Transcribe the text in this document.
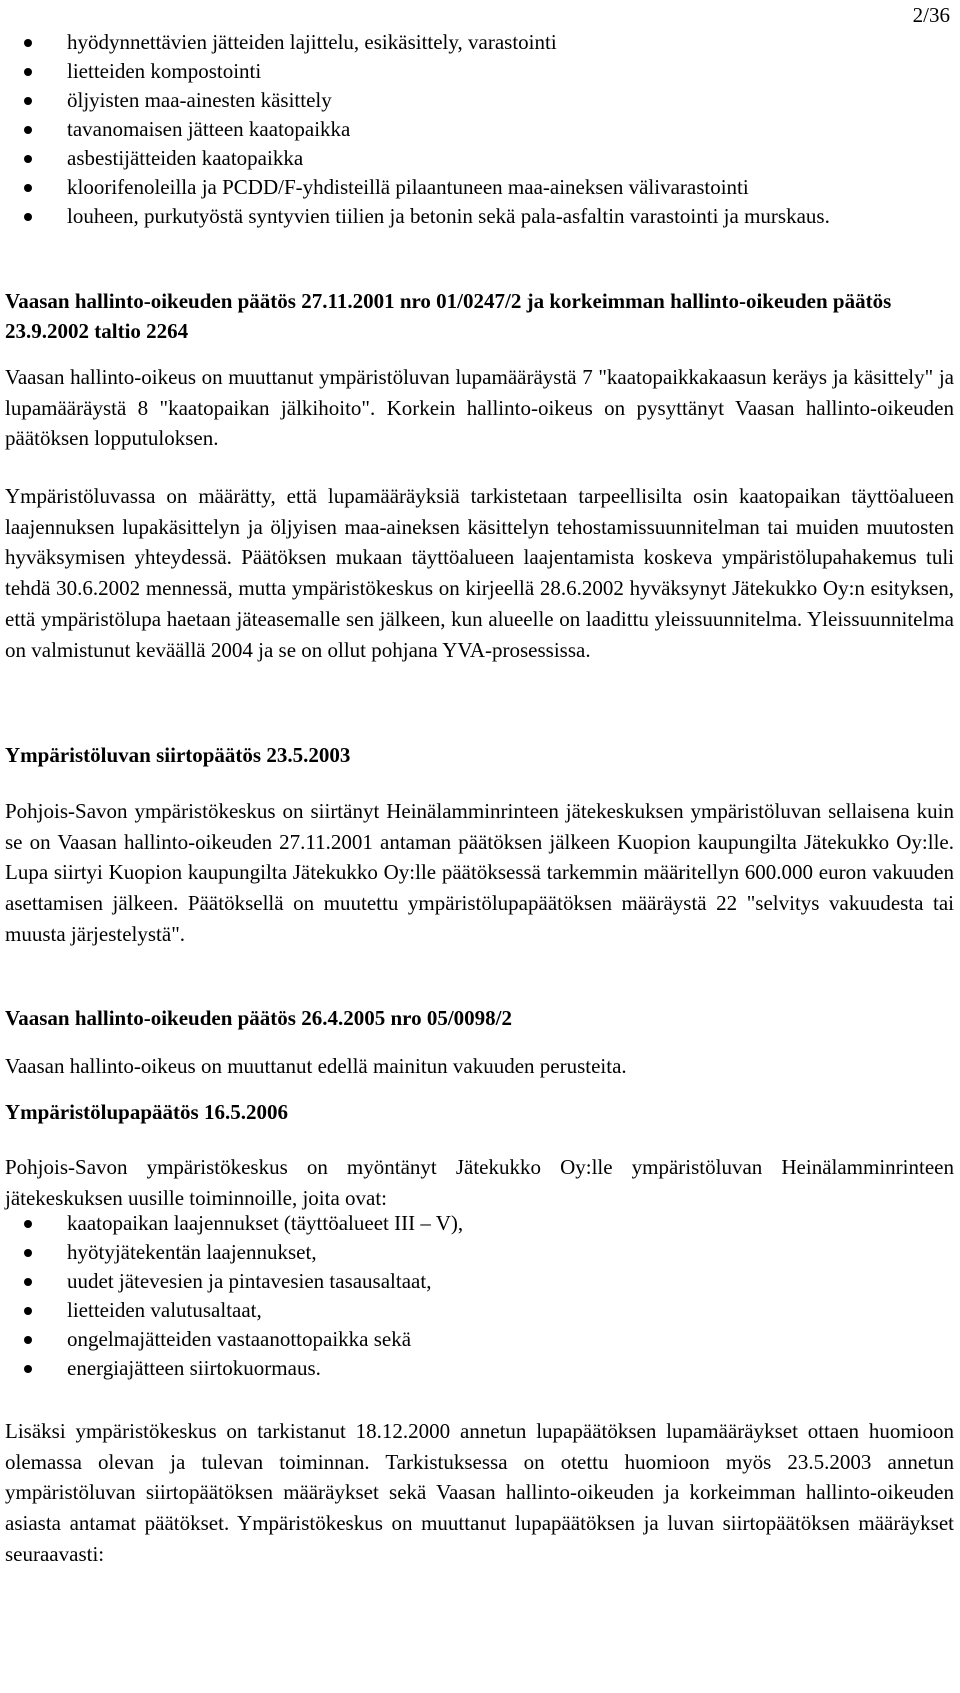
2/36
hyödynnettävien jätteiden lajittelu, esikäsittely, varastointi
lietteiden kompostointi
öljyisten maa-ainesten käsittely
tavanomaisen jätteen kaatopaikka
asbestijätteiden kaatopaikka
kloorifenoleilla ja PCDD/F-yhdisteillä pilaantuneen maa-aineksen välivarastointi
louheen, purkutyöstä syntyvien tiilien ja betonin sekä pala-asfaltin varastointi ja murskaus.
Vaasan hallinto-oikeuden päätös 27.11.2001 nro 01/0247/2 ja korkeimman hallinto-oikeuden päätös 23.9.2002 taltio 2264

Vaasan hallinto-oikeus on muuttanut ympäristöluvan lupamääräystä 7 "kaatopaikkakaasun keräys ja käsittely" ja lupamääräystä 8 "kaatopaikan jälkihoito". Korkein hallinto-oikeus on pysyttänyt Vaasan hallinto-oikeuden päätöksen lopputuloksen.

Ympäristöluvassa on määrätty, että lupamääräyksiä tarkistetaan tarpeellisilta osin kaatopaikan täyttöalueen laajennuksen lupakäsittelyn ja öljyisen maa-aineksen käsittelyn tehostamissuunnitelman tai muiden muutosten hyväksymisen yhteydessä. Päätöksen mukaan täyttöalueen laajentamista koskeva ympäristölupahakemus tuli tehdä 30.6.2002 mennessä, mutta ympäristökeskus on kirjeellä 28.6.2002 hyväksynyt Jätekukko Oy:n esityksen, että ympäristölupa haetaan jäteasemalle sen jälkeen, kun alueelle on laadittu yleissuunnitelma. Yleissuunnitelma on valmistunut keväällä 2004 ja se on ollut pohjana YVA-prosessissa.

Ympäristöluvan siirtopäätös 23.5.2003

Pohjois-Savon ympäristökeskus on siirtänyt Heinälamminrinteen jätekeskuksen ympäristöluvan sellaisena kuin se on Vaasan hallinto-oikeuden 27.11.2001 antaman päätöksen jälkeen Kuopion kaupungilta Jätekukko Oy:lle. Lupa siirtyi Kuopion kaupungilta Jätekukko Oy:lle päätöksessä tarkemmin määritellyn 600.000 euron vakuuden asettamisen jälkeen. Päätöksellä on muutettu ympäristölupapäätöksen määräystä 22 "selvitys vakuudesta tai muusta järjestelystä".

Vaasan hallinto-oikeuden päätös 26.4.2005 nro 05/0098/2

Vaasan hallinto-oikeus on muuttanut edellä mainitun vakuuden perusteita.

Ympäristölupapäätös 16.5.2006

Pohjois-Savon ympäristökeskus on myöntänyt Jätekukko Oy:lle ympäristöluvan Heinälamminrinteen jätekeskuksen uusille toiminnoille, joita ovat:

kaatopaikan laajennukset (täyttöalueet III – V),
hyötyjätekentän laajennukset,
uudet jätevesien ja pintavesien tasausaltaat,
lietteiden valutusaltaat,
ongelmajätteiden vastaanottopaikka sekä
energiajätteen siirtokuormaus.

Lisäksi ympäristökeskus on tarkistanut 18.12.2000 annetun lupapäätöksen lupamääräykset ottaen huomioon olemassa olevan ja tulevan toiminnan. Tarkistuksessa on otettu huomioon myös 23.5.2003 annetun ympäristöluvan siirtopäätöksen määräykset sekä Vaasan hallinto-oikeuden ja korkeimman hallinto-oikeuden asiasta antamat päätökset. Ympäristökeskus on muuttanut lupapäätöksen ja luvan siirtopäätöksen määräykset seuraavasti:
